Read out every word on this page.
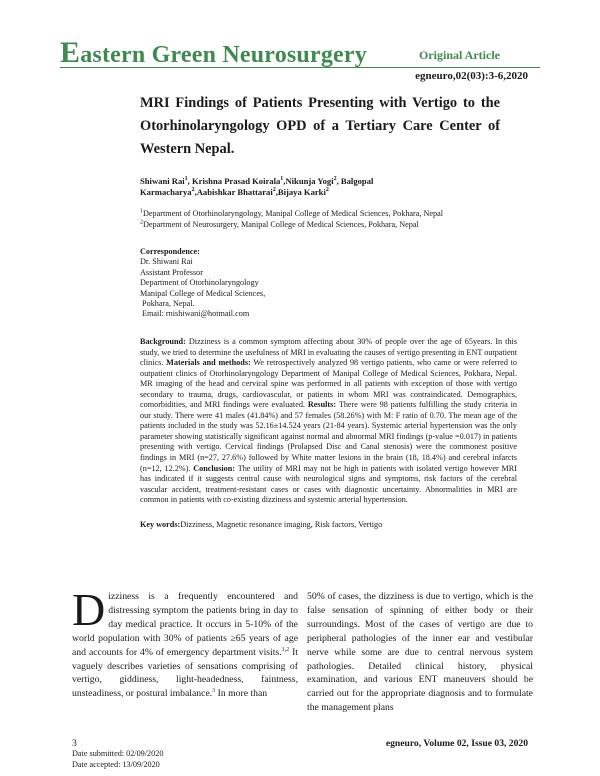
Eastern Green Neurosurgery	Original Article
egneuro,02(03):3-6,2020
MRI Findings of Patients Presenting with Vertigo to the Otorhinolaryngology OPD of a Tertiary Care Center of Western Nepal.
Shiwani Rai$^1$, Krishna Prasad Koirala$^1$,Nikunja Yogi$^2$, Balgopal Karmacharya$^2$,Aabishkar Bhattarai$^2$,Bijaya Karki$^2$
$^1$Department of Otorhinolaryngology, Manipal College of Medical Sciences, Pokhara, Nepal
$^2$Department of Neurosurgery, Manipal College of Medical Sciences, Pokhara, Nepal
Correspondence:
Dr. Shiwani Rai
Assistant Professor
Department of Otorhinolaryngology
Manipal College of Medical Sciences,
Pokhara, Nepal.
Email: rnishiwani@hotmail.com
Background: Dizziness is a common symptom affecting about 30% of people over the age of 65years. In this study, we tried to determine the usefulness of MRI in evaluating the causes of vertigo presenting in ENT outpatient clinics. Materials and methods: We retrospectively analyzed 98 vertigo patients, who came or were referred to outpatient clinics of Otorhinolaryngology Department of Manipal College of Medical Sciences, Pokhara, Nepal. MR imaging of the head and cervical spine was performed in all patients with exception of those with vertigo secondary to trauma, drugs, cardiovascular, or patients in whom MRI was contraindicated. Demographics, comorbidities, and MRI findings were evaluated. Results: There were 98 patients fulfilling the study criteria in our study. There were 41 males (41.84%) and 57 females (58.26%) with M: F ratio of 0.70. The mean age of the patients included in the study was 52.16±14.524 years (21-84 years). Systemic arterial hypertension was the only parameter showing statistically significant against normal and abnormal MRI findings (p-value =0.017) in patients presenting with vertigo. Cervical findings (Prolapsed Disc and Canal stenosis) were the commonest positive findings in MRI (n=27, 27.6%) followed by White matter lesions in the brain (18, 18.4%) and cerebral infarcts (n=12, 12.2%). Conclusion: The utility of MRI may not be high in patients with isolated vertigo however MRI has indicated if it suggests central cause with neurological signs and symptoms, risk factors of the cerebral vascular accident, treatment-resistant cases or cases with diagnostic uncertainty. Abnormalities in MRI are common in patients with co-existing dizziness and systemic arterial hypertension.
Key words:Dizziness, Magnetic resonance imaging, Risk factors, Vertigo
Dizziness is a frequently encountered and distressing symptom the patients bring in day to day medical practice. It occurs in 5-10% of the world population with 30% of patients ≥65 years of age and accounts for 4% of emergency department visits.$^{1,2}$ It vaguely describes varieties of sensations comprising of vertigo, giddiness, light-headedness, faintness, unsteadiness, or postural imbalance.$^3$ In more than
50% of cases, the dizziness is due to vertigo, which is the false sensation of spinning of either body or their surroundings. Most of the cases of vertigo are due to peripheral pathologies of the inner ear and vestibular nerve while some are due to central nervous system pathologies. Detailed clinical history, physical examination, and various ENT maneuvers should be carried out for the appropriate diagnosis and to formulate the management plans
3	egneuro, Volume 02, Issue 03, 2020
Date submitted: 02/09/2020
Date accepted: 13/09/2020
